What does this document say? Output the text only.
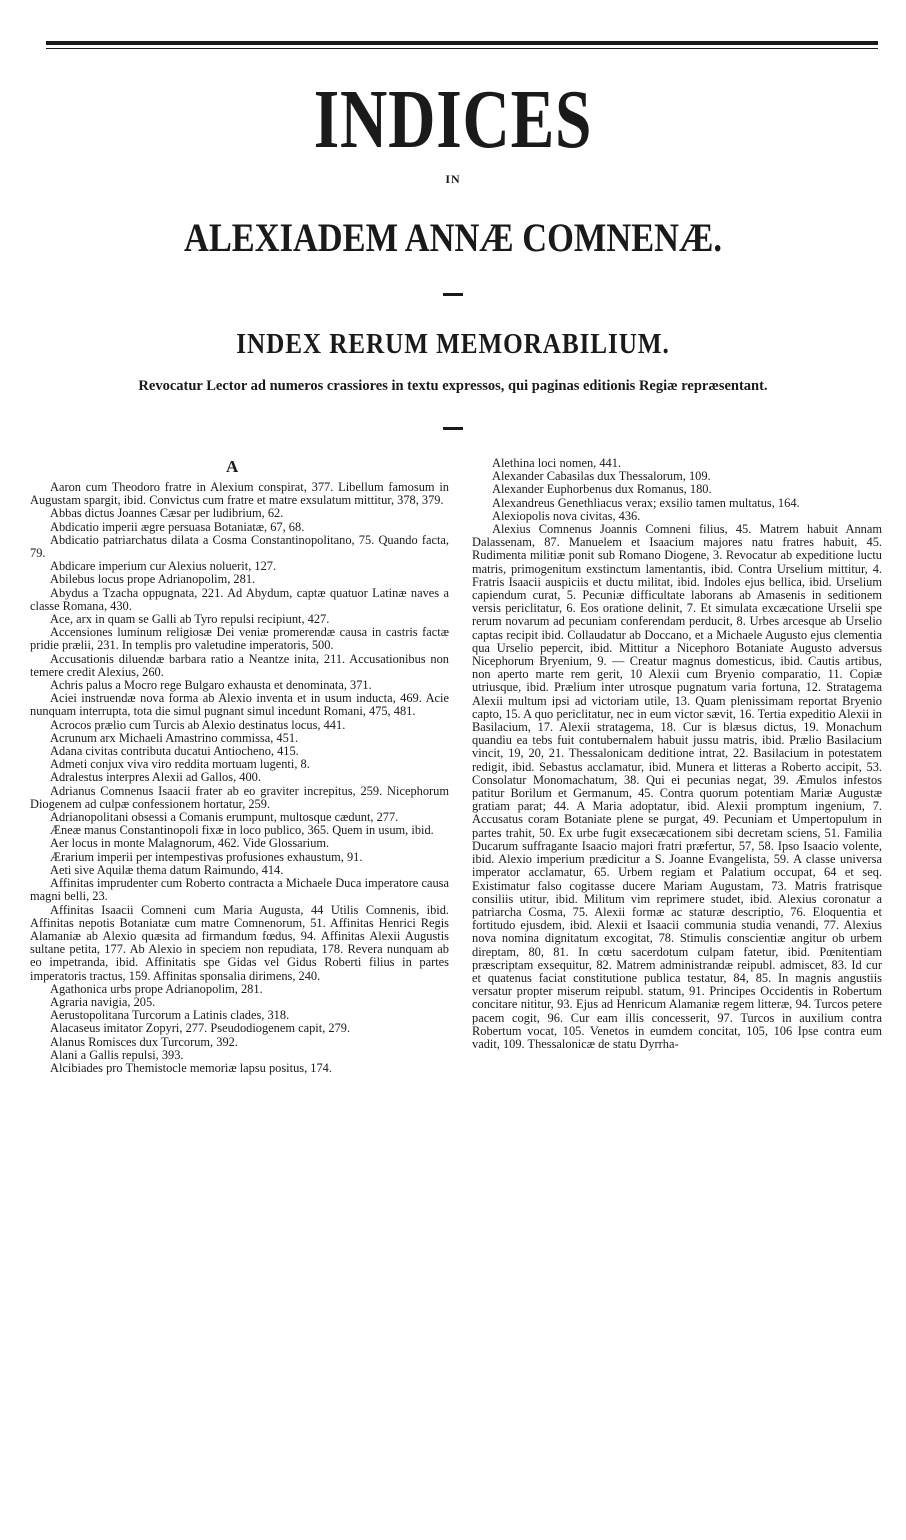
INDICES
IN
ALEXIADEM ANNÆ COMNENÆ.
INDEX RERUM MEMORABILIUM.
Revocatur Lector ad numeros crassiores in textu expressos, qui paginas editionis Regiæ repræsentant.
A

Aaron cum Theodoro fratre in Alexium conspirat, 377. Libellum famosum in Augustam spargit, ibid. Convictus cum fratre et matre exsulatum mittitur, 378, 379.

Abbas dictus Joannes Cæsar per ludibrium, 62.

Abdicatio imperii ægre persuasa Botaniatæ, 67, 68.

Abdicatio patriarchatus dilata a Cosma Constantinopolitano, 75. Quando facta, 79.

Abdicare imperium cur Alexius noluerit, 127.

Abilebus locus prope Adrianopolim, 281.

Abydus a Tzacha oppugnata, 221. Ad Abydum, captæ quatuor Latinæ naves a classe Romana, 430.

Ace, arx in quam se Galli ab Tyro repulsi recipiunt, 427.

Accensiones luminum religiosæ Dei veniæ promerendæ causa in castris factæ pridie prælii, 231. In templis pro valetudine imperatoris, 500.

Accusationis diluendæ barbara ratio a Neantze inita, 211. Accusationibus non temere credit Alexius, 260.

Achris palus a Mocro rege Bulgaro exhausta et denominata, 371.

Aciei instruendæ nova forma ab Alexio inventa et in usum inducta, 469. Acie nunquam interrupta, tota die simul pugnant simul incedunt Romani, 475, 481.

Acrocos prælio cum Turcis ab Alexio destinatus locus, 441.

Acrunum arx Michaeli Amastrino commissa, 451.

Adana civitas contributa ducatui Antiocheno, 415.

Admeti conjux viva viro reddita mortuam lugenti, 8.

Adralestus interpres Alexii ad Gallos, 400.

Adrianus Comnenus Isaacii frater ab eo graviter increpitus, 259. Nicephorum Diogenem ad culpæ confessionem hortatur, 259.

Adrianopolitani obsessi a Comanis erumpunt, multosque cædunt, 277.

Æneæ manus Constantinopoli fixæ in loco publico, 365. Quem in usum, ibid.

Aer locus in monte Malagnorum, 462. Vide Glossarium.

Ærarium imperii per intempestivas profusiones exhaustum, 91.

Aeti sive Aquilæ thema datum Raimundo, 414.

Affinitas imprudenter cum Roberto contracta a Michaele Duca imperatore causa magni belli, 23.

Affinitas Isaacii Comneni cum Maria Augusta, 44 Utilis Comnenis, ibid. Affinitas nepotis Botaniatæ cum matre Comnenorum, 51. Affinitas Henrici Regis Alamaniæ ab Alexio quæsita ad firmandum fœdus, 94. Affinitas Alexii Augustis sultane petita, 177. Ab Alexio in speciem non repudiata, 178. Revera nunquam ab eo impetranda, ibid. Affinitatis spe Gidas vel Gidus Roberti filius in partes imperatoris tractus, 159. Affinitas sponsalia dirimens, 240.

Agathonica urbs prope Adrianopolim, 281.

Agraria navigia, 205.

Aerustopolitana Turcorum a Latinis clades, 318.

Alacaseus imitator Zopyri, 277. Pseudodiogenem capit, 279.

Alanus Romisces dux Turcorum, 392.

Alani a Gallis repulsi, 393.

Alcibiades pro Themistocle memoriæ lapsu positus, 174.

Alethina loci nomen, 441.

Alexander Cabasilas dux Thessalorum, 109.

Alexander Euphorbenus dux Romanus, 180.

Alexandreus Genethliacus verax; exsilio tamen multatus, 164.

Alexiopolis nova civitas, 436.

Alexius Comnenus Joannis Comneni filius, 45. Matrem habuit Annam Dalassenam, 87. Manuelem et Isaacium majores natu fratres habuit, 45. Rudimenta militiæ ponit sub Romano Diogene, 3. Revocatur ab expeditione luctu matris, primogenitum exstinctum lamentantis, ibid. Contra Urselium mittitur, 4. Fratris Isaacii auspiciis et ductu militat, ibid. Indoles ejus bellica, ibid. Urselium capiendum curat, 5. Pecuniæ difficultate laborans ab Amasenis in seditionem versis periclitatur, 6. Eos oratione delinit, 7. Et simulata excæcatione Urselii spe rerum novarum ad pecuniam conferendam perducit, 8. Urbes arcesque ab Urselio captas recipit ibid. Collaudatur ab Doccano, et a Michaele Augusto ejus clementia qua Urselio pepercit, ibid. Mittitur a Nicephoro Botaniate Augusto adversus Nicephorum Bryenium, 9. — Creatur magnus domesticus, ibid. Cautis artibus, non aperto marte rem gerit, 10 Alexii cum Bryenio comparatio, 11. Copiæ utriusque, ibid. Prælium inter utrosque pugnatum varia fortuna, 12. Stratagema Alexii multum ipsi ad victoriam utile, 13. Quam plenissimam reportat Bryenio capto, 15. A quo periclitatur, nec in eum victor sævit, 16. Tertia expeditio Alexii in Basilacium, 17. Alexii stratagema, 18. Cur is blæsus dictus, 19. Monachum quandiu ea tebs fuit contubernalem habuit jussu matris, ibid. Prælio Basilacium vincit, 19, 20, 21. Thessalonicam deditione intrat, 22. Basilacium in potestatem redigit, ibid. Sebastus acclamatur, ibid. Munera et litteras a Roberto accipit, 53. Consolatur Monomachatum, 38. Qui ei pecunias negat, 39. Æmulos infestos patitur Borilum et Germanum, 45. Contra quorum potentiam Mariæ Augustæ gratiam parat; 44. A Maria adoptatur, ibid. Alexii promptum ingenium, 7. Accusatus coram Botaniate plene se purgat, 49. Pecuniam et Umpertopulum in partes trahit, 50. Ex urbe fugit exsecæcationem sibi decretam sciens, 51. Familia Ducarum suffragante Isaacio majori fratri præfertur, 57, 58. Ipso Isaacio volente, ibid. Alexio imperium prædicitur a S. Joanne Evangelista, 59. A classe universa imperator acclamatur, 65. Urbem regiam et Palatium occupat, 64 et seq. Existimatur falso cogitasse ducere Mariam Augustam, 73. Matris fratrisque consiliis utitur, ibid. Militum vim reprimere studet, ibid. Alexius coronatur a patriarcha Cosma, 75. Alexii formæ ac staturæ descriptio, 76. Eloquentia et fortitudo ejusdem, ibid. Alexii et Isaacii communia studia venandi, 77. Alexius nova nomina dignitatum excogitat, 78. Stimulis conscientiæ angitur ob urbem direptam, 80, 81. In cœtu sacerdotum culpam fatetur, ibid. Pœnitentiam præscriptam exsequitur, 82. Matrem administrandæ reipubl. admiscet, 83. Id cur et quatenus faciat constitutione publica testatur, 84, 85. In magnis angustiis versatur propter miserum reipubl. statum, 91. Principes Occidentis in Robertum concitare nititur, 93. Ejus ad Henricum Alamaniæ regem litteræ, 94. Turcos petere pacem cogit, 96. Cur eam illis concesserit, 97. Turcos in auxilium contra Robertum vocat, 105. Venetos in eumdem concitat, 105, 106 Ipse contra eum vadit, 109. Thessalonicæ de statu Dyrrha-
